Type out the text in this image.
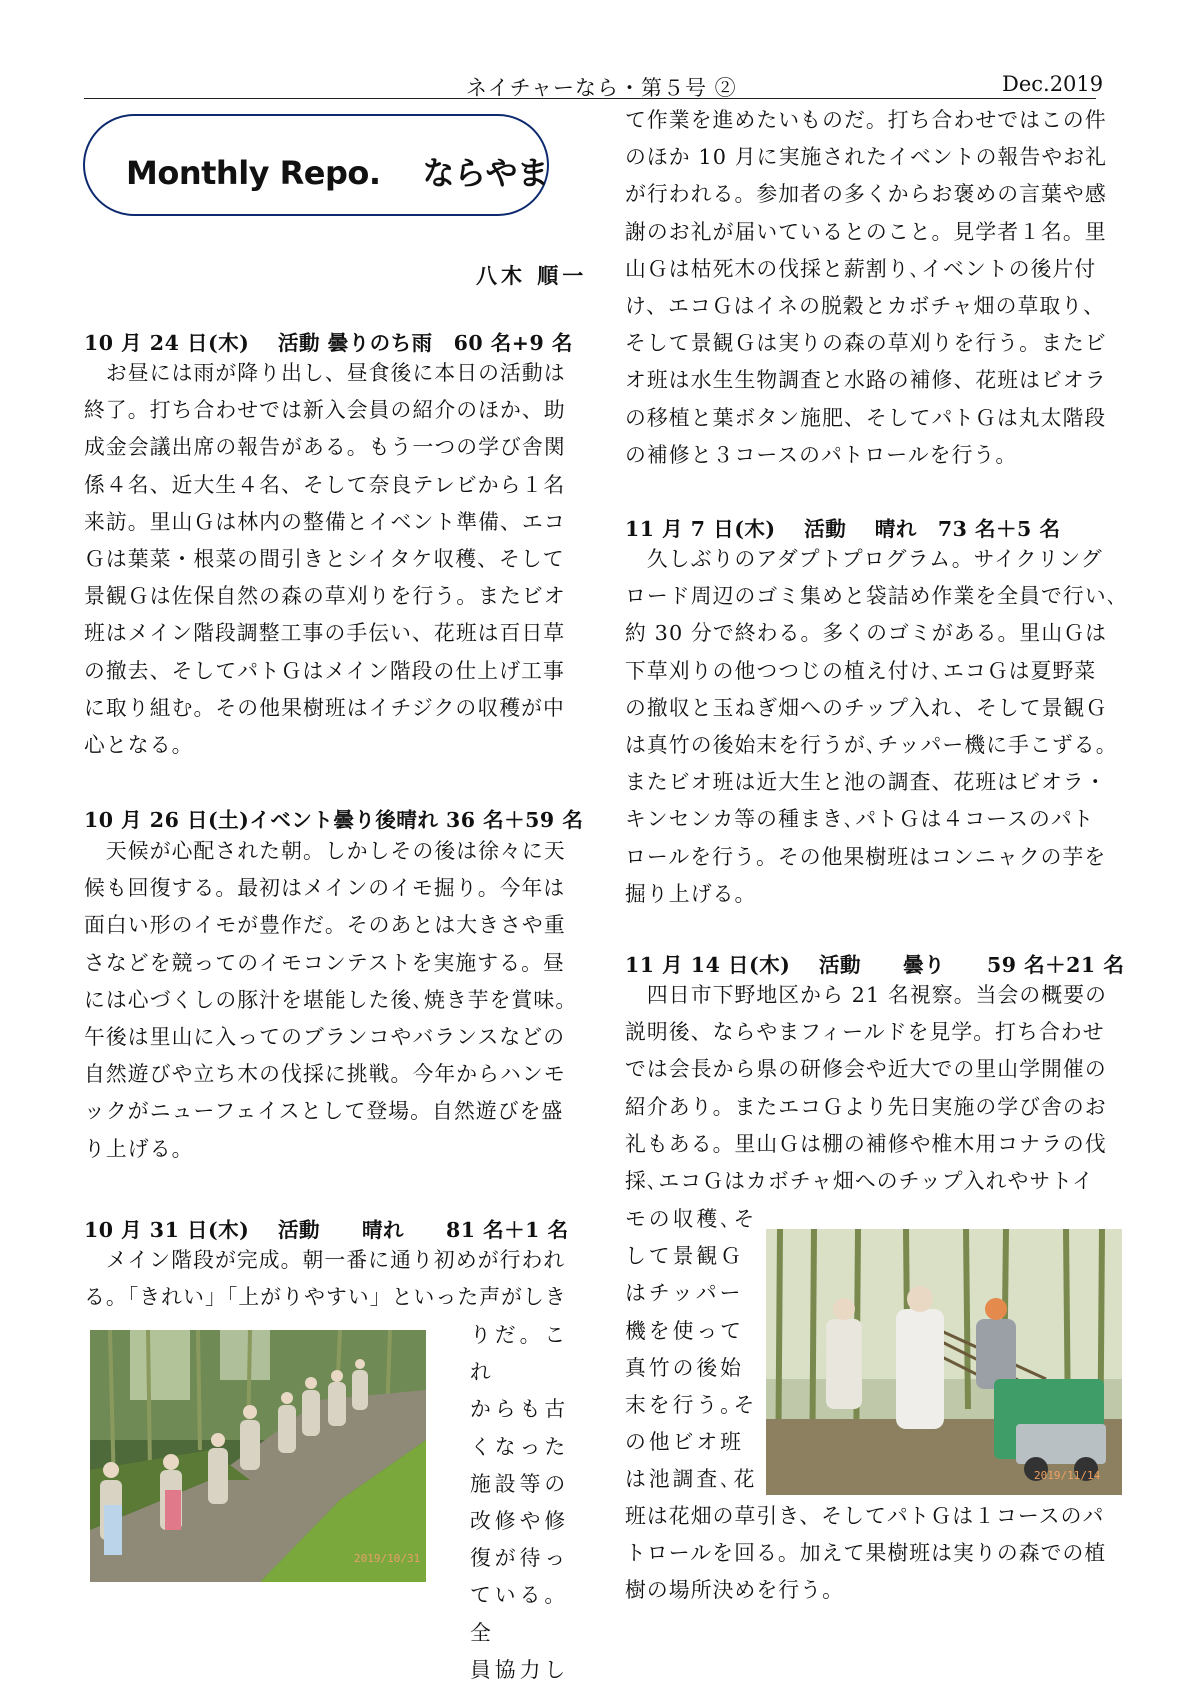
ネイチャーなら・第５号 ②	Dec.2019
Monthly Repo. ならやま
八木 順一
10 月 24 日(木)　 活動 曇りのち雨　60 名+9 名

　お昼には雨が降り出し、昼食後に本日の活動は

終了。打ち合わせでは新入会員の紹介のほか、助

成金会議出席の報告がある。もう一つの学び舎関

係４名、近大生４名、そして奈良テレビから１名

来訪。里山Ｇは林内の整備とイベント準備、エコ

Ｇは葉菜・根菜の間引きとシイタケ収穫、そして

景観Ｇは佐保自然の森の草刈りを行う。またビオ

班はメイン階段調整工事の手伝い、花班は百日草

の撤去、そしてパトＧはメイン階段の仕上げ工事

に取り組む。その他果樹班はイチジクの収穫が中

心となる。

10 月 26 日(土)イベント曇り後晴れ 36 名＋59 名

　天候が心配された朝。しかしその後は徐々に天

候も回復する。最初はメインのイモ掘り。今年は

面白い形のイモが豊作だ。そのあとは大きさや重

さなどを競ってのイモコンテストを実施する。昼

には心づくしの豚汁を堪能した後､焼き芋を賞味。

午後は里山に入ってのブランコやバランスなどの

自然遊びや立ち木の伐採に挑戦。今年からハンモ

ックがニューフェイスとして登場。自然遊びを盛

り上げる。

10 月 31 日(木)　 活動　　晴れ　　81 名＋1 名

　メイン階段が完成。朝一番に通り初めが行われ

る。「きれい」「上がりやすい」といった声がしき

2019/10/31

りだ。これ

からも古

くなった

施設等の

改修や修

復が待っ

ている。全

員協力し

て作業を進めたいものだ。打ち合わせではこの件

のほか 10 月に実施されたイベントの報告やお礼

が行われる。参加者の多くからお褒めの言葉や感

謝のお礼が届いているとのこと。見学者１名。里

山Ｇは枯死木の伐採と薪割り､イベントの後片付

け、エコＧはイネの脱穀とカボチャ畑の草取り、

そして景観Ｇは実りの森の草刈りを行う。またビ

オ班は水生生物調査と水路の補修、花班はビオラ

の移植と葉ボタン施肥、そしてパトＧは丸太階段

の補修と３コースのパトロールを行う。

11 月 7 日(木)　 活動　 晴れ　73 名＋5 名

　久しぶりのアダプトプログラム。サイクリング

ロード周辺のゴミ集めと袋詰め作業を全員で行い､

約 30 分で終わる。多くのゴミがある。里山Ｇは

下草刈りの他つつじの植え付け､エコＧは夏野菜

の撤収と玉ねぎ畑へのチップ入れ、そして景観Ｇ

は真竹の後始末を行うが､チッパー機に手こずる。

またビオ班は近大生と池の調査、花班はビオラ・

キンセンカ等の種まき､パトＧは４コースのパト

ロールを行う。その他果樹班はコンニャクの芋を

掘り上げる。

11 月 14 日(木)　 活動　　曇り　　59 名＋21 名

　四日市下野地区から 21 名視察。当会の概要の

説明後、ならやまフィールドを見学。打ち合わせ

では会長から県の研修会や近大での里山学開催の

紹介あり。またエコＧより先日実施の学び舎のお

礼もある。里山Ｇは棚の補修や椎木用コナラの伐

採､エコＧはカボチャ畑へのチップ入れやサトイ

モの収穫､そ

して景観Ｇ

はチッパー

機を使って

真竹の後始

末を行う｡そ

の他ビオ班

は池調査､花	2019/11/14

班は花畑の草引き、そしてパトＧは１コースのパ

トロールを回る。加えて果樹班は実りの森での植

樹の場所決めを行う。
